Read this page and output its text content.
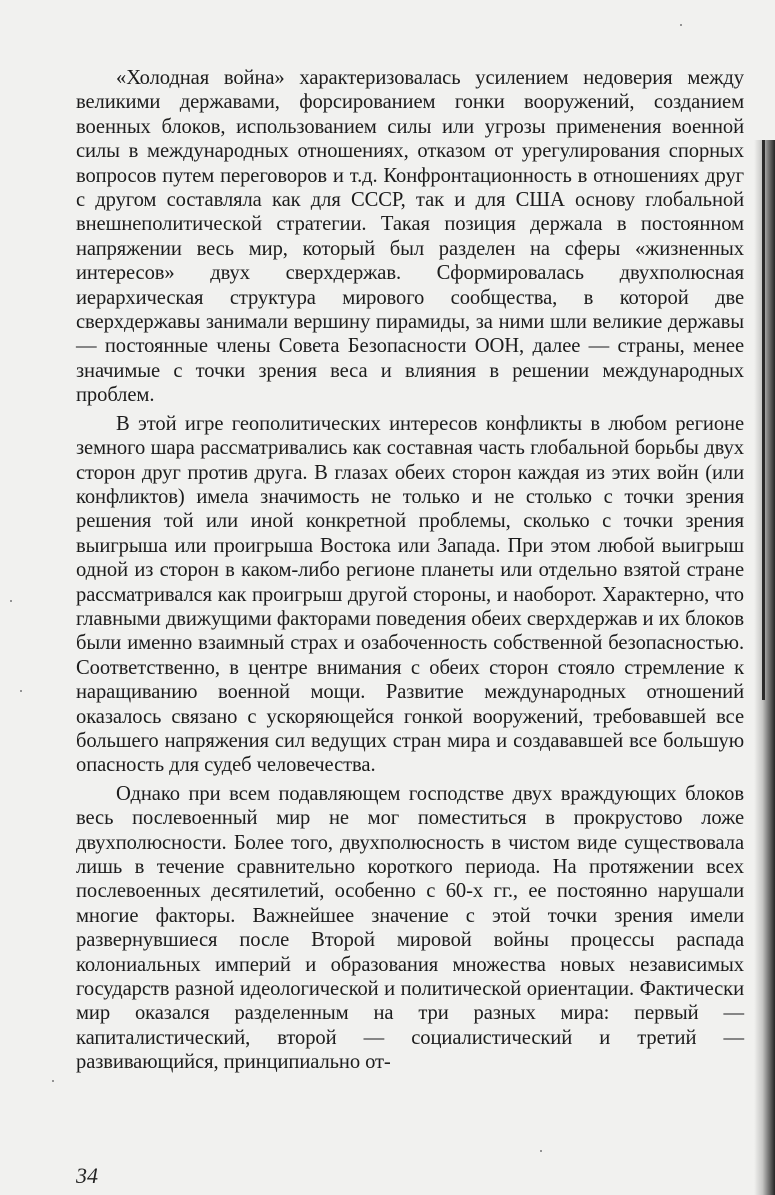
«Холодная война» характеризовалась усилением недоверия между великими державами, форсированием гонки вооружений, созданием военных блоков, использованием силы или угрозы применения военной силы в международных отношениях, отказом от урегулирования спорных вопросов путем переговоров и т.д. Конфронтационность в отношениях друг с другом составляла как для СССР, так и для США основу глобальной внешнеполитической стратегии. Такая позиция держала в постоянном напряжении весь мир, который был разделен на сферы «жизненных интересов» двух сверхдержав. Сформировалась двухполюсная иерархическая структура мирового сообщества, в которой две сверхдержавы занимали вершину пирамиды, за ними шли великие державы — постоянные члены Совета Безопасности ООН, далее — страны, менее значимые с точки зрения веса и влияния в решении международных проблем.

В этой игре геополитических интересов конфликты в любом регионе земного шара рассматривались как составная часть глобальной борьбы двух сторон друг против друга. В глазах обеих сторон каждая из этих войн (или конфликтов) имела значимость не только и не столько с точки зрения решения той или иной конкретной проблемы, сколько с точки зрения выигрыша или проигрыша Востока или Запада. При этом любой выигрыш одной из сторон в каком-либо регионе планеты или отдельно взятой стране рассматривался как проигрыш другой стороны, и наоборот. Характерно, что главными движущими факторами поведения обеих сверхдержав и их блоков были именно взаимный страх и озабоченность собственной безопасностью. Соответственно, в центре внимания с обеих сторон стояло стремление к наращиванию военной мощи. Развитие международных отношений оказалось связано с ускоряющейся гонкой вооружений, требовавшей все большего напряжения сил ведущих стран мира и создававшей все большую опасность для судеб человечества.

Однако при всем подавляющем господстве двух враждующих блоков весь послевоенный мир не мог поместиться в прокрустово ложе двухполюсности. Более того, двухполюсность в чистом виде существовала лишь в течение сравнительно короткого периода. На протяжении всех послевоенных десятилетий, особенно с 60-х гг., ее постоянно нарушали многие факторы. Важнейшее значение с этой точки зрения имели развернувшиеся после Второй мировой войны процессы распада колониальных империй и образования множества новых независимых государств разной идеологической и политической ориентации. Фактически мир оказался разделенным на три разных мира: первый — капиталистический, второй — социалистический и третий — развивающийся, принципиально от-

34
